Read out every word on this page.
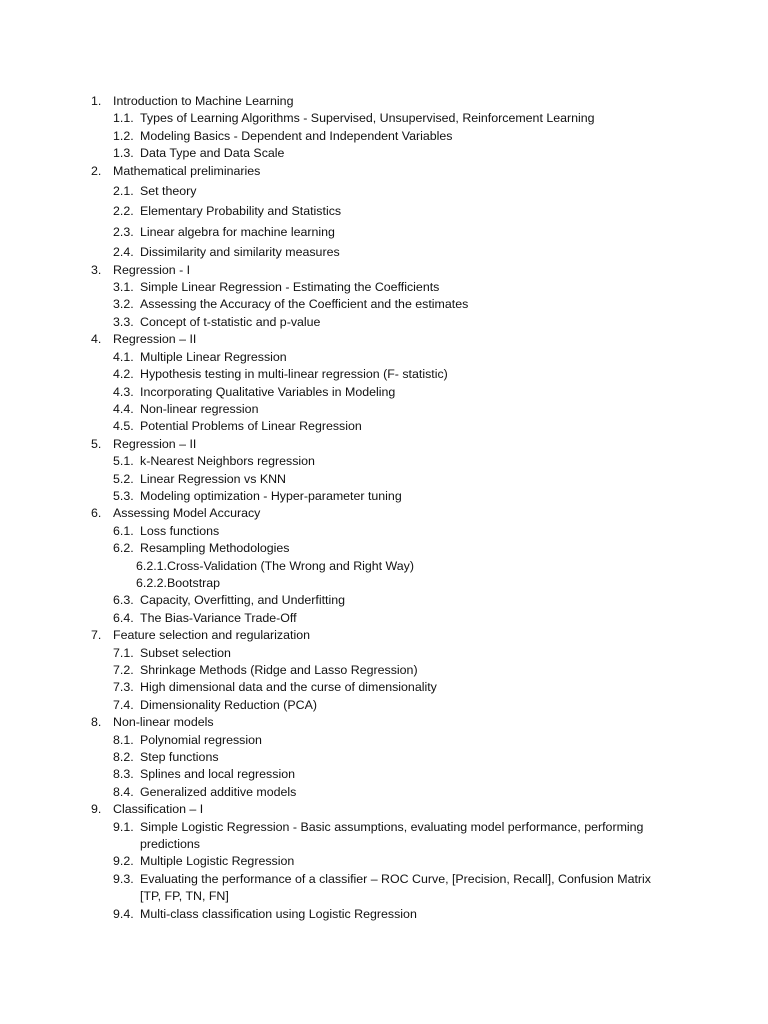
1. Introduction to Machine Learning
1.1. Types of Learning Algorithms - Supervised, Unsupervised, Reinforcement Learning
1.2. Modeling Basics - Dependent and Independent Variables
1.3. Data Type and Data Scale
2. Mathematical preliminaries
2.1. Set theory
2.2. Elementary Probability and Statistics
2.3. Linear algebra for machine learning
2.4. Dissimilarity and similarity measures
3. Regression - I
3.1. Simple Linear Regression - Estimating the Coefficients
3.2. Assessing the Accuracy of the Coefficient and the estimates
3.3. Concept of t-statistic and p-value
4. Regression – II
4.1. Multiple Linear Regression
4.2. Hypothesis testing in multi-linear regression (F- statistic)
4.3. Incorporating Qualitative Variables in Modeling
4.4. Non-linear regression
4.5. Potential Problems of Linear Regression
5. Regression – II
5.1. k-Nearest Neighbors regression
5.2. Linear Regression vs KNN
5.3. Modeling optimization - Hyper-parameter tuning
6. Assessing Model Accuracy
6.1. Loss functions
6.2. Resampling Methodologies
6.2.1. Cross-Validation (The Wrong and Right Way)
6.2.2. Bootstrap
6.3. Capacity, Overfitting, and Underfitting
6.4. The Bias-Variance Trade-Off
7. Feature selection and regularization
7.1. Subset selection
7.2. Shrinkage Methods (Ridge and Lasso Regression)
7.3. High dimensional data and the curse of dimensionality
7.4. Dimensionality Reduction (PCA)
8. Non-linear models
8.1. Polynomial regression
8.2. Step functions
8.3. Splines and local regression
8.4. Generalized additive models
9. Classification – I
9.1. Simple Logistic Regression - Basic assumptions, evaluating model performance, performing predictions
9.2. Multiple Logistic Regression
9.3. Evaluating the performance of a classifier – ROC Curve, [Precision, Recall], Confusion Matrix [TP, FP, TN, FN]
9.4. Multi-class classification using Logistic Regression
